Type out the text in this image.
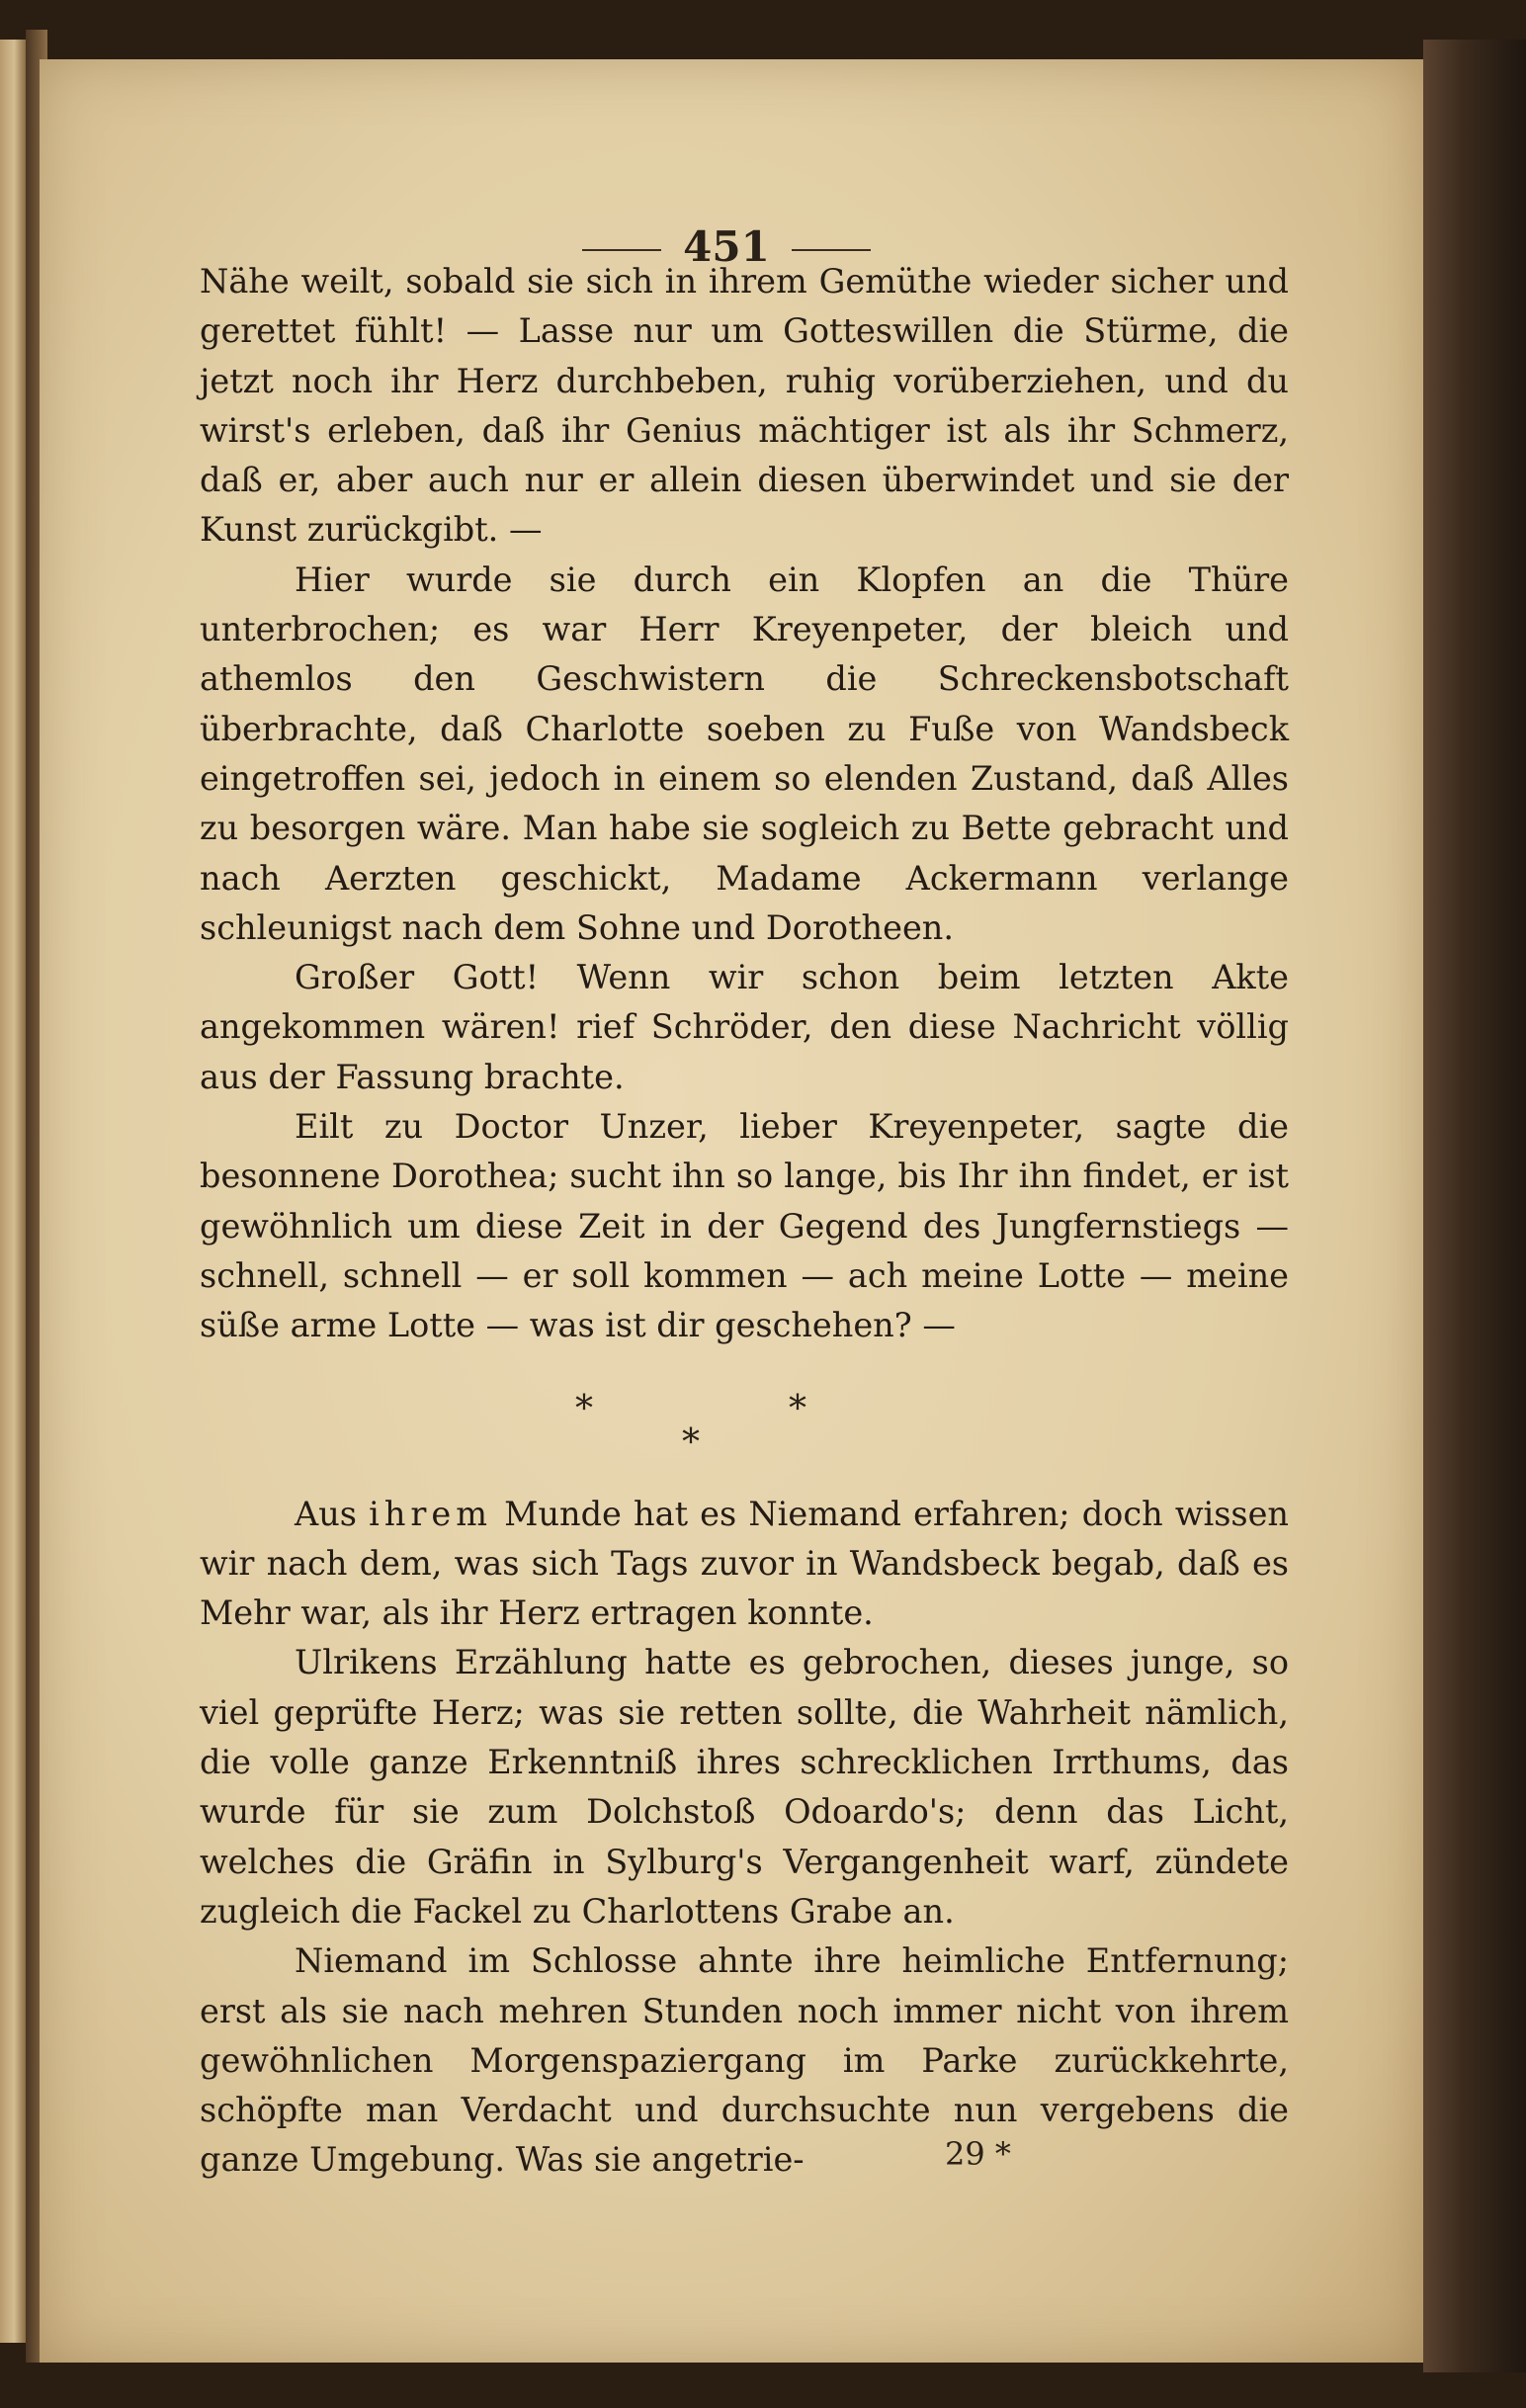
451

Nähe weilt, sobald sie sich in ihrem Gemüthe wieder sicher und gerettet fühlt! — Lasse nur um Gotteswillen die Stürme, die jetzt noch ihr Herz durchbeben, ruhig vorüberziehen, und du wirst's erleben, daß ihr Genius mächtiger ist als ihr Schmerz, daß er, aber auch nur er allein diesen überwindet und sie der Kunst zurückgibt. —

Hier wurde sie durch ein Klopfen an die Thüre unterbrochen; es war Herr Kreyenpeter, der bleich und athemlos den Geschwistern die Schreckensbotschaft überbrachte, daß Charlotte soeben zu Fuße von Wandsbeck eingetroffen sei, jedoch in einem so elenden Zustand, daß Alles zu besorgen wäre. Man habe sie sogleich zu Bette gebracht und nach Aerzten geschickt, Madame Ackermann verlange schleunigst nach dem Sohne und Dorotheen.

Großer Gott! Wenn wir schon beim letzten Akte angekommen wären! rief Schröder, den diese Nachricht völlig aus der Fassung brachte.

Eilt zu Doctor Unzer, lieber Kreyenpeter, sagte die besonnene Dorothea; sucht ihn so lange, bis Ihr ihn findet, er ist gewöhnlich um diese Zeit in der Gegend des Jungfernstiegs — schnell, schnell — er soll kommen — ach meine Lotte — meine süße arme Lotte — was ist dir geschehen? —

*
*
*

Aus ihrem Munde hat es Niemand erfahren; doch wissen wir nach dem, was sich Tags zuvor in Wandsbeck begab, daß es Mehr war, als ihr Herz ertragen konnte.

Ulrikens Erzählung hatte es gebrochen, dieses junge, so viel geprüfte Herz; was sie retten sollte, die Wahrheit nämlich, die volle ganze Erkenntniß ihres schrecklichen Irrthums, das wurde für sie zum Dolchstoß Odoardo's; denn das Licht, welches die Gräfin in Sylburg's Vergangenheit warf, zündete zugleich die Fackel zu Charlottens Grabe an.

Niemand im Schlosse ahnte ihre heimliche Entfernung; erst als sie nach mehren Stunden noch immer nicht von ihrem gewöhnlichen Morgenspaziergang im Parke zurückkehrte, schöpfte man Verdacht und durchsuchte nun vergebens die ganze Umgebung. Was sie angetrie-	29 *
